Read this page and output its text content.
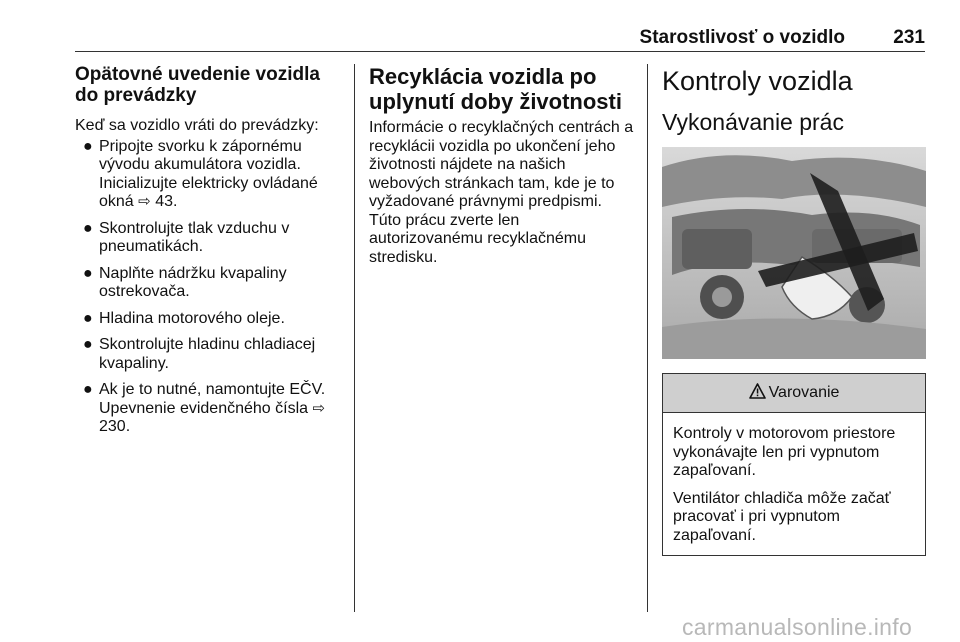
Starostlivosť o vozidlo	231
Opätovné uvedenie vozidla do prevádzky

Keď sa vozidlo vráti do prevádzky:

● Pripojte svorku k zápornému vývodu akumulátora vozidla. Inicializujte elektricky ovládané okná ⇨ 43.
● Skontrolujte tlak vzduchu v pneumatikách.
● Naplňte nádržku kvapaliny ostrekovača.
● Hladina motorového oleje.
● Skontrolujte hladinu chladiacej kvapaliny.
● Ak je to nutné, namontujte EČV. Upevnenie evidenčného čísla ⇨ 230.
Recyklácia vozidla po uplynutí doby životnosti

Informácie o recyklačných centrách a recyklácii vozidla po ukončení jeho životnosti nájdete na našich webových stránkach tam, kde je to vyžadované právnymi predpismi. Túto prácu zverte len autorizovanému recyklačnému stredisku.

Kontroly vozidla
Vykonávanie prác
Varovanie

Kontroly v motorovom priestore vykonávajte len pri vypnutom zapaľovaní.

Ventilátor chladiča môže začať pracovať i pri vypnutom zapaľovaní.

carmanualsonline.info
